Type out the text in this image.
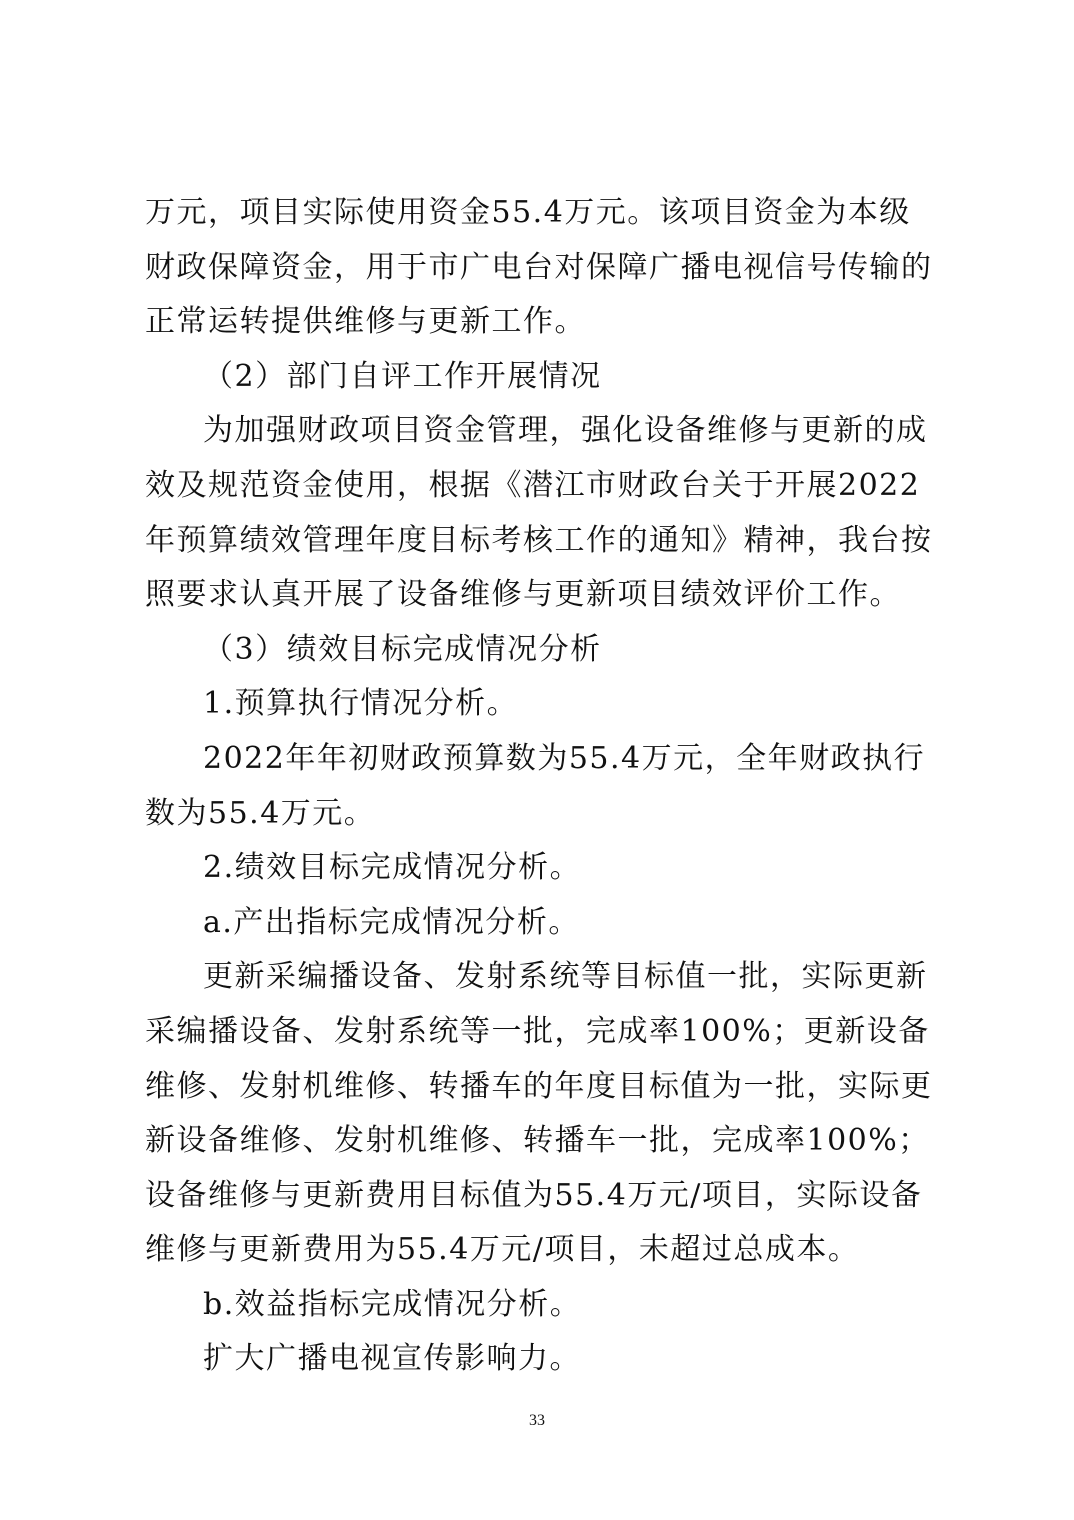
万元，项目实际使用资金55.4万元。该项目资金为本级财政保障资金，用于市广电台对保障广播电视信号传输的正常运转提供维修与更新工作。

（2）部门自评工作开展情况

为加强财政项目资金管理，强化设备维修与更新的成效及规范资金使用，根据《潜江市财政台关于开展2022年预算绩效管理年度目标考核工作的通知》精神，我台按照要求认真开展了设备维修与更新项目绩效评价工作。

（3）绩效目标完成情况分析

1.预算执行情况分析。

2022年年初财政预算数为55.4万元，全年财政执行数为55.4万元。

2.绩效目标完成情况分析。

a.产出指标完成情况分析。

更新采编播设备、发射系统等目标值一批，实际更新采编播设备、发射系统等一批，完成率100%；更新设备维修、发射机维修、转播车的年度目标值为一批，实际更新设备维修、发射机维修、转播车一批，完成率100%；设备维修与更新费用目标值为55.4万元/项目，实际设备维修与更新费用为55.4万元/项目，未超过总成本。

b.效益指标完成情况分析。

扩大广播电视宣传影响力。

33
